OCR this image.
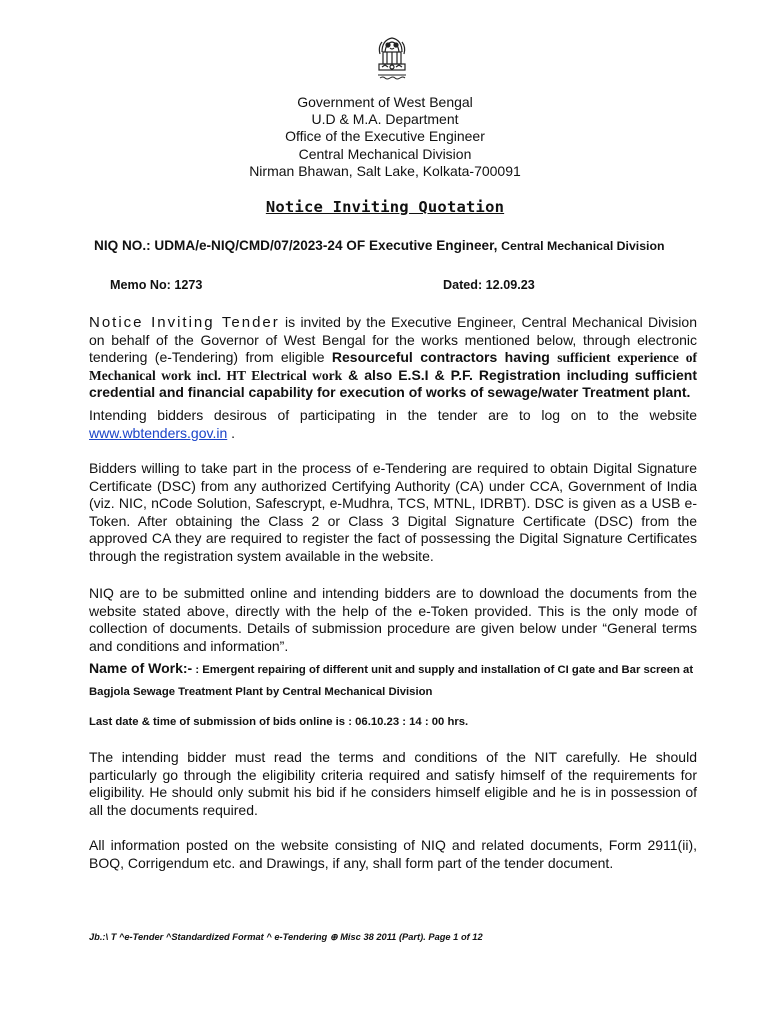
Government of West Bengal
U.D & M.A. Department
Office of the Executive Engineer
Central Mechanical Division
Nirman Bhawan, Salt Lake, Kolkata-700091
Notice Inviting Quotation
NIQ NO.: UDMA/e-NIQ/CMD/07/2023-24 OF Executive Engineer, Central Mechanical Division
Memo No: 1273	Dated: 12.09.23

Notice Inviting Tender is invited by the Executive Engineer, Central Mechanical Division on behalf of the Governor of West Bengal for the works mentioned below, through electronic tendering (e-Tendering) from eligible Resourceful contractors having sufficient experience of Mechanical work incl. HT Electrical work & also E.S.I & P.F. Registration including sufficient credential and financial capability for execution of works of sewage/water Treatment plant.

Intending bidders desirous of participating in the tender are to log on to the website www.wbtenders.gov.in .

Bidders willing to take part in the process of e-Tendering are required to obtain Digital Signature Certificate (DSC) from any authorized Certifying Authority (CA) under CCA, Government of India (viz. NIC, nCode Solution, Safescrypt, e-Mudhra, TCS, MTNL, IDRBT). DSC is given as a USB e-Token. After obtaining the Class 2 or Class 3 Digital Signature Certificate (DSC) from the approved CA they are required to register the fact of possessing the Digital Signature Certificates through the registration system available in the website.

NIQ are to be submitted online and intending bidders are to download the documents from the website stated above, directly with the help of the e-Token provided. This is the only mode of collection of documents. Details of submission procedure are given below under “General terms and conditions and information”.

Name of Work:- : Emergent repairing of different unit and supply and installation of CI gate and Bar screen at Bagjola Sewage Treatment Plant by Central Mechanical Division
Last date & time of submission of bids online is : 06.10.23 : 14 : 00 hrs.

The intending bidder must read the terms and conditions of the NIT carefully. He should particularly go through the eligibility criteria required and satisfy himself of the requirements for eligibility. He should only submit his bid if he considers himself eligible and he is in possession of all the documents required.

All information posted on the website consisting of NIQ and related documents, Form 2911(ii), BOQ, Corrigendum etc. and Drawings, if any, shall form part of the tender document.

Jb.:\ T ^e-Tender ^Standardized Format ^ e-Tendering ⊕ Misc 38 2011 (Part). Page 1 of 12
